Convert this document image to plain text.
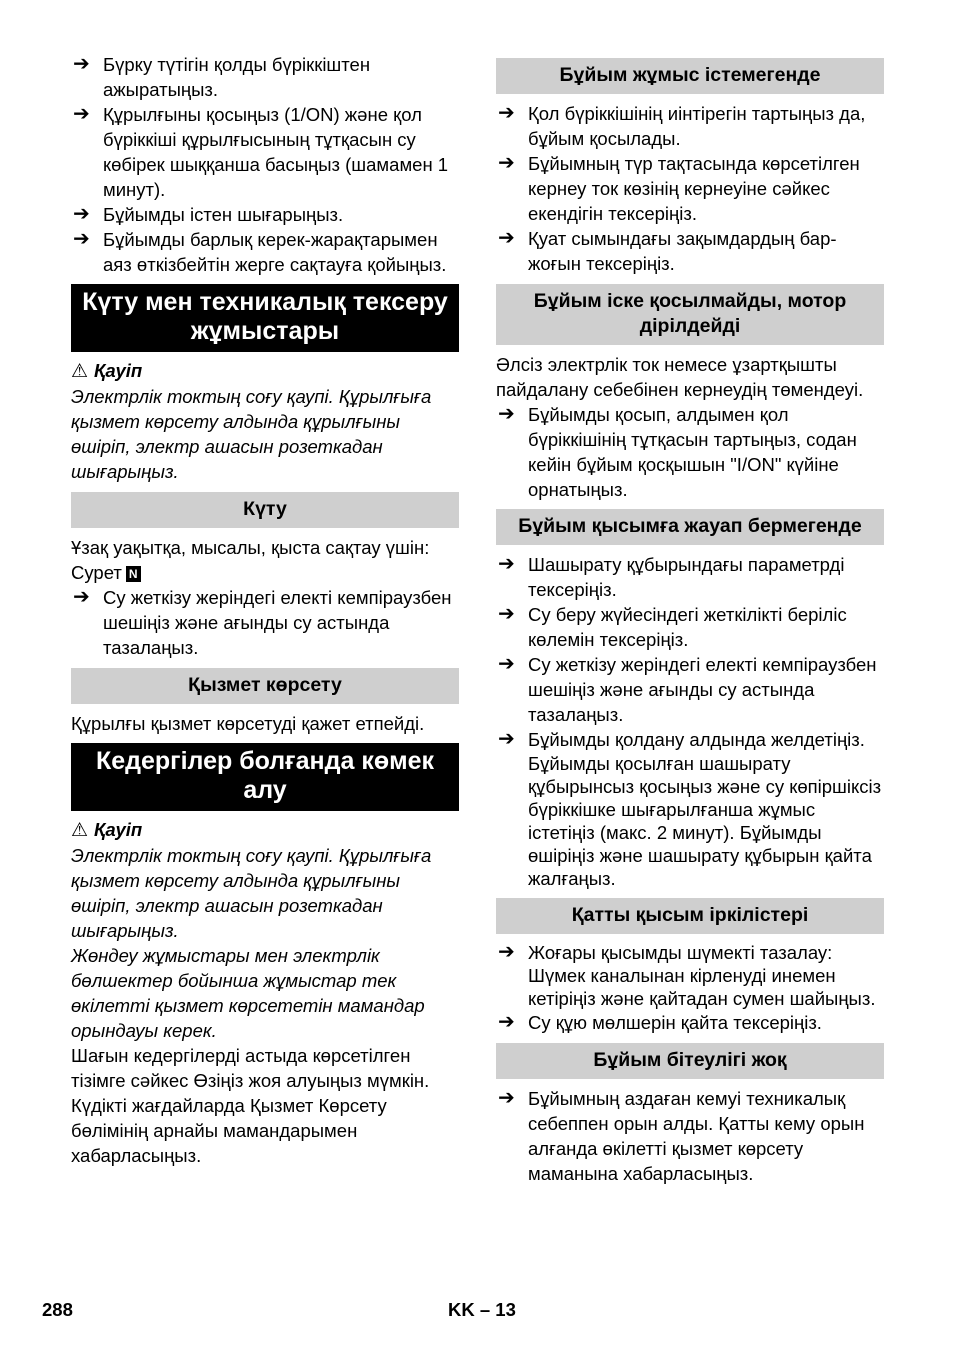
➔ Бүрку түтігін қолды бүріккіштен ажыратыңыз.
➔ Құрылғыны қосыңыз (1/ON) және қол бүріккіші құрылғысының тұтқасын су көбірек шыққанша басыңыз (шамамен 1 минут).
➔ Бұйымды істен шығарыңыз.
➔ Бұйымды барлық керек-жарақтарымен аяз өткізбейтін жерге сақтауға қойыңыз.
Күту мен техникалық тексеру жұмыстары
⚠ Қауіп
Электрлік токтың соғу қаупі. Құрылғыға қызмет көрсету алдында құрылғыны өшіріп, электр ашасын розеткадан шығарыңыз.
Күту

Ұзақ уақытқа, мысалы, қыста сақтау үшін:

Сурет N

➔ Су жеткізу жеріндегі електі кемпіраузбен шешіңіз және ағынды су астында тазалаңыз.
Қызмет көрсету

Құрылғы қызмет көрсетуді қажет етпейді.

Кедергілер болғанда көмек алу
⚠ Қауіп
Электрлік токтың соғу қаупі. Құрылғыға қызмет көрсету алдында құрылғыны өшіріп, электр ашасын розеткадан шығарыңыз.
Жөндеу жұмыстары мен электрлік бөлшектер бойынша жұмыстар тек өкілетті қызмет көрсететін мамандар орындауы керек.

Шағын кедергілерді астыда көрсетілген тізімге сәйкес Өзіңіз жоя алуыңыз мүмкін.

Күдікті жағдайларда Қызмет Көрсету бөлімінің арнайы мамандарымен хабарласыңыз.

Бұйым жұмыс істемегенде
➔ Қол бүріккішінің иінтірегін тартыңыз да, бұйым қосылады.
➔ Бұйымның түр тақтасында көрсетілген кернеу ток көзінің кернеуіне сәйкес екендігін тексеріңіз.
➔ Қуат сымындағы зақымдардың бар-жоғын тексеріңіз.
Бұйым іске қосылмайды, мотор дірілдейді

Әлсіз электрлік ток немесе ұзартқышты пайдалану себебінен кернеудің төмендеуі.

➔ Бұйымды қосып, алдымен қол бүріккішінің тұтқасын тартыңыз, содан кейін бұйым қосқышын "I/ON" күйіне орнатыңыз.
Бұйым қысымға жауап бермегенде
➔ Шашырату құбырындағы параметрді тексеріңіз.
➔ Су беру жүйесіндегі жеткілікті беріліс көлемін тексеріңіз.
➔ Су жеткізу жеріндегі електі кемпіраузбен шешіңіз және ағынды су астында тазалаңыз.
➔ Бұйымды қолдану алдында желдетіңіз.
Бұйымды қосылған шашырату құбырынсыз қосыңыз және су көпіршіксіз бүріккішке шығарылғанша жұмыс істетіңіз (макс. 2 минут). Бұйымды өшіріңіз және шашырату құбырын қайта жалғаңыз.
Қатты қысым іркілістері
➔ Жоғары қысымды шүмекті тазалау: Шүмек каналынан кірленуді инемен кетіріңіз және қайтадан сумен шайыңыз.
➔ Су құю мөлшерін қайта тексеріңіз.
Бұйым бітеулігі жоқ
➔ Бұйымның аздаған кемуі техникалық себеппен орын алды. Қатты кему орын алғанда өкілетті қызмет көрсету маманына хабарласыңыз.
288	KK – 13
